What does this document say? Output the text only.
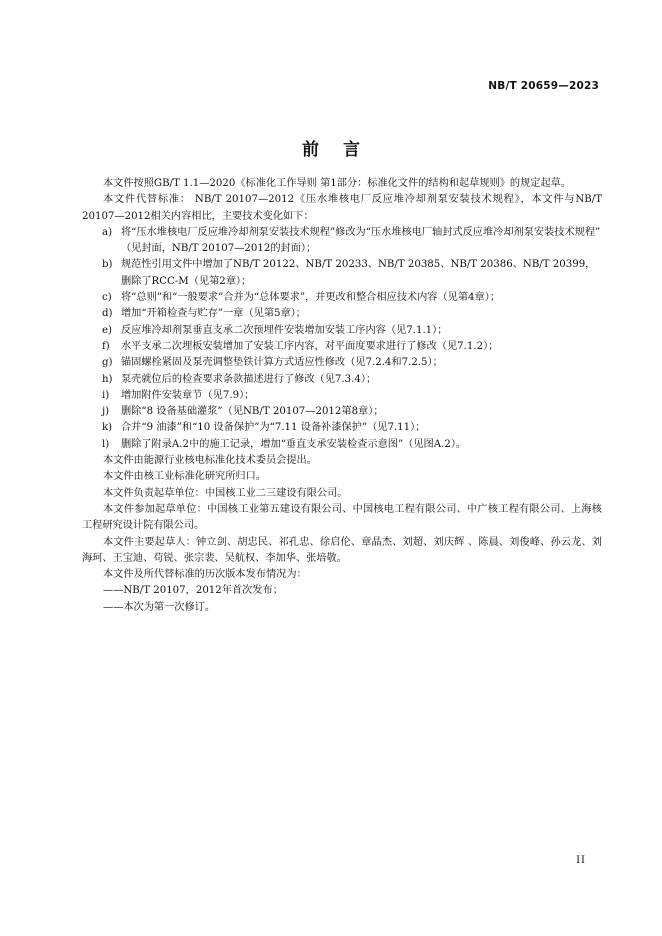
NB/T 20659—2023
前言

本文件按照GB/T 1.1—2020《标准化工作导则 第1部分：标准化文件的结构和起草规则》的规定起草。

本文件代替标准： NB/T 20107—2012《压水堆核电厂反应堆冷却剂泵安装技术规程》，本文件与NB/T 20107—2012相关内容相比，主要技术变化如下：

a) 将“压水堆核电厂反应堆冷却剂泵安装技术规程”修改为“压水堆核电厂轴封式反应堆冷却剂泵安装技术规程” （见封面，NB/T 20107—2012的封面）；
b) 规范性引用文件中增加了NB/T 20122、NB/T 20233、NB/T 20385、NB/T 20386、NB/T 20399，删除了RCC-M（见第2章）；
c) 将“总则”和“一般要求”合并为“总体要求”，并更改和整合相应技术内容（见第4章）；
d) 增加“开箱检查与贮存”一章（见第5章）；
e) 反应堆冷却剂泵垂直支承二次预埋件安装增加安装工序内容（见7.1.1）；
f) 水平支承二次埋板安装增加了安装工序内容，对平面度要求进行了修改（见7.1.2）；
g) 锚固螺栓紧固及泵壳调整垫铁计算方式适应性修改（见7.2.4和7.2.5）；
h) 泵壳就位后的检查要求条款描述进行了修改（见7.3.4）；
i) 增加附件安装章节（见7.9）；
j) 删除“8 设备基础灌浆”（见NB/T 20107—2012第8章）；
k) 合并“9 油漆”和“10 设备保护”为“7.11 设备补漆保护”（见7.11）；
l) 删除了附录A.2中的施工记录，增加“垂直支承安装检查示意图”（见图A.2）。

本文件由能源行业核电标准化技术委员会提出。

本文件由核工业标准化研究所归口。

本文件负责起草单位：中国核工业二三建设有限公司。

本文件参加起草单位：中国核工业第五建设有限公司、中国核电工程有限公司、中广核工程有限公司、上海核工程研究设计院有限公司。

本文件主要起草人：钟立剑、胡忠民、祁孔忠、徐启伦、章晶杰、刘超、刘庆辉 、陈晨、刘俊峰、孙云龙、刘海珂、王宝迪、苟锐、张宗裴、吴航权、李加华、张培敬。

本文件及所代替标准的历次版本发布情况为：

——NB/T 20107，2012年首次发布；

——本次为第一次修订。

II
